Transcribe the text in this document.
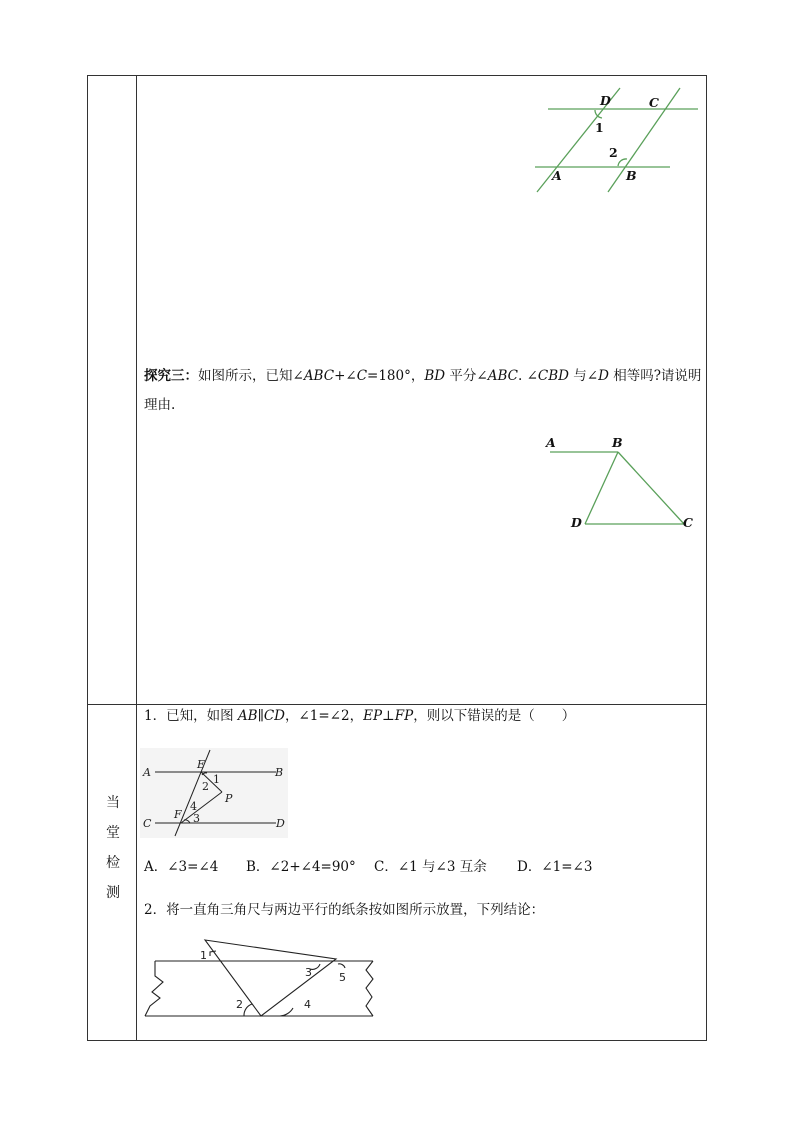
当
堂
检
测
D	C
1
2
A	B
探究三：如图所示，已知∠ABC+∠C=180°，BD 平分∠ABC. ∠CBD 与∠D 相等吗?请说明
理由.
A	B
D	C
1．已知，如图 AB∥CD，∠1=∠2，EP⊥FP，则以下错误的是（　　）
A
E
B
1
2
P
4
F
C	3	D
A．∠3=∠4 B．∠2+∠4=90° C．∠1 与∠3 互余 D．∠1=∠3
2．将一直角三角尺与两边平行的纸条按如图所示放置，下列结论：
1
3 5
2	4
